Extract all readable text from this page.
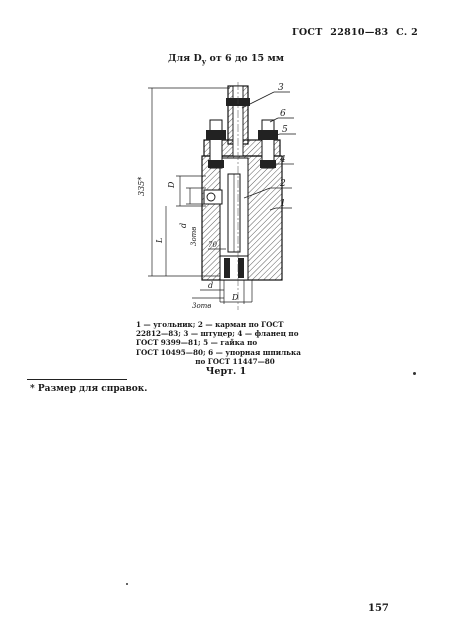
ГОСТ 22810—83 С. 2
Для $D_у$ от 6 до 15 мм
335*	D
L
d
3отв 70
d
3отв
D
3
6
5
4
2
1
1 — угольник; 2 — карман по ГОСТ
22812—83; 3 — штуцер; 4 — фланец по
ГОСТ 9399—81; 5 — гайка по
ГОСТ 10495—80; 6 — упорная шпилька

по ГОСТ 11447—80
Черт. 1
* Размер для справок.
157
